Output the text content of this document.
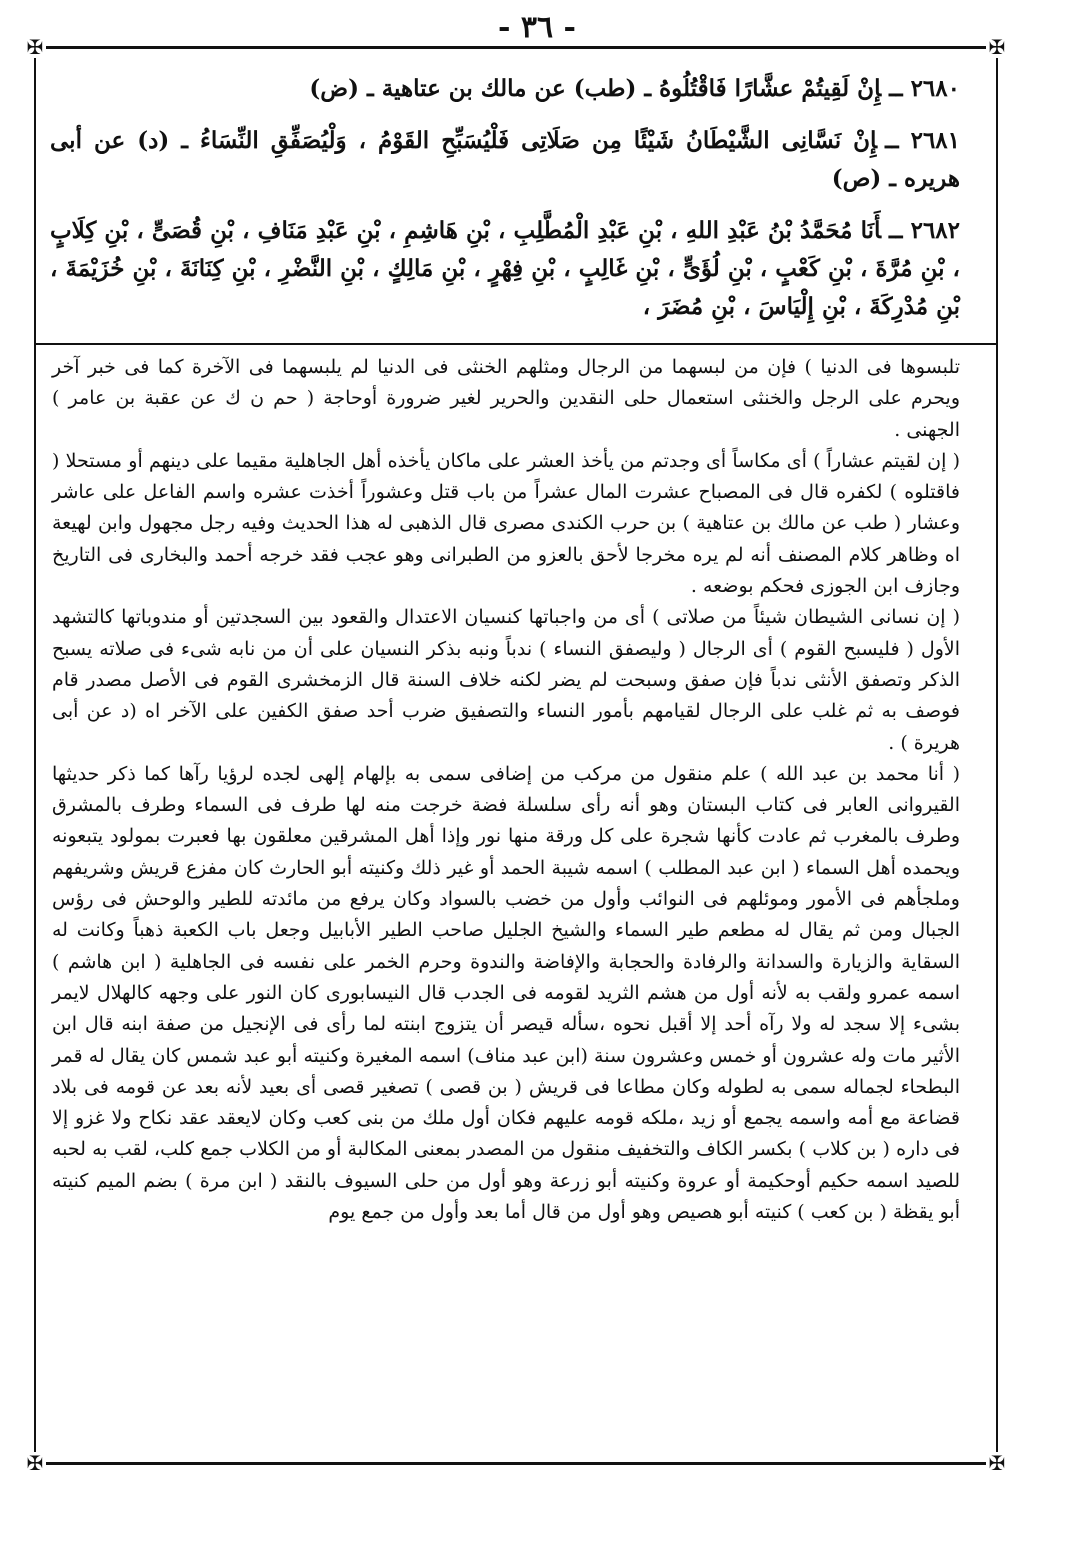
- ٣٦ -
✠	✠
✠	✠

٢٦٨٠ ــإِنْ لَقِيتُمْ عشَّارًا فَاقْتُلُوهُ ـ (طب) عن مالك بن عتاهية ـ (ض)

٢٦٨١ ــإِنْ نَسَّانِى الشَّيْطَانُ شَيْئًا مِن صَلَاتِى فَلْيُسَبِّحِ القَوْمُ ، وَلْيُصَفِّقِ النِّسَاءُ ـ (د) عن أبى هريره ـ (ص)

٢٦٨٢ ــأَنَا مُحَمَّدُ بْنُ عَبْدِ اللهِ ، بْنِ عَبْدِ الْمُطَّلِبِ ، بْنِ هَاشِمِ ، بْنِ عَبْدِ مَنَافِ ، بْنِ قُصَىٍّ ، بْنِ كِلَابٍ ، بْنِ مُرَّةَ ، بْنِ كَعْبٍ ، بْنِ لُؤَىٍّ ، بْنِ غَالِبٍ ، بْنِ فِهْرٍ ، بْنِ مَالِكٍ ، بْنِ النَّضْرِ ، بْنِ كِنَانَةَ ، بْنِ خُزَيْمَةَ ، بْنِ مُدْرِكَةَ ، بْنِ إِلْيَاسَ ، بْنِ مُضَرَ ،

تلبسوها فى الدنيا ) فإن من لبسهما من الرجال ومثلهم الخنثى فى الدنيا لم يلبسهما فى الآخرة كما فى خبر آخر ويحرم على الرجل والخنثى استعمال حلى النقدين والحرير لغير ضرورة أوحاجة ( حم ن ك عن عقبة بن عامر ) الجهنى .

( إن لقيتم عشاراً ) أى مكاساً أى وجدتم من يأخذ العشر على ماكان يأخذه أهل الجاهلية مقيما على دينهم أو مستحلا ( فاقتلوه ) لكفره قال فى المصباح عشرت المال عشراً من باب قتل وعشوراً أخذت عشره واسم الفاعل على عاشر وعشار ( طب عن مالك بن عتاهية ) بن حرب الكندى مصرى قال الذهبى له هذا الحديث وفيه رجل مجهول وابن لهيعة اه وظاهر كلام المصنف أنه لم يره مخرجا لأحق بالعزو من الطبرانى وهو عجب فقد خرجه أحمد والبخارى فى التاريخ وجازف ابن الجوزى فحكم بوضعه .

( إن نسانى الشيطان شيئاً من صلاتى ) أى من واجباتها كنسيان الاعتدال والقعود بين السجدتين أو مندوباتها كالتشهد الأول ( فليسبح القوم ) أى الرجال ( وليصفق النساء ) ندباً ونبه بذكر النسيان على أن من نابه شىء فى صلاته يسبح الذكر وتصفق الأنثى ندباً فإن صفق وسبحت لم يضر لكنه خلاف السنة قال الزمخشرى القوم فى الأصل مصدر قام فوصف به ثم غلب على الرجال لقيامهم بأمور النساء والتصفيق ضرب أحد صفق الكفين على الآخر اه (د عن أبى هريرة ) .

( أنا محمد بن عبد الله ) علم منقول من مركب من إضافى سمى به بإلهام إلهى لجده لرؤيا رآها كما ذكر حديثها القيروانى العابر فى كتاب البستان وهو أنه رأى سلسلة فضة خرجت منه لها طرف فى السماء وطرف بالمشرق وطرف بالمغرب ثم عادت كأنها شجرة على كل ورقة منها نور وإذا أهل المشرقين معلقون بها فعبرت بمولود يتبعونه ويحمده أهل السماء ( ابن عبد المطلب ) اسمه شيبة الحمد أو غير ذلك وكنيته أبو الحارث كان مفزع قريش وشريفهم وملجأهم فى الأمور وموئلهم فى النوائب وأول من خضب بالسواد وكان يرفع من مائدته للطير والوحش فى رؤس الجبال ومن ثم يقال له مطعم طير السماء والشيخ الجليل صاحب الطير الأبابيل وجعل باب الكعبة ذهباً وكانت له السقاية والزيارة والسدانة والرفادة والحجابة والإفاضة والندوة وحرم الخمر على نفسه فى الجاهلية ( ابن هاشم ) اسمه عمرو ولقب به لأنه أول من هشم الثريد لقومه فى الجدب قال النيسابورى كان النور على وجهه كالهلال لايمر بشىء إلا سجد له ولا رآه أحد إلا أقبل نحوه ،سأله قيصر أن يتزوج ابنته لما رأى فى الإنجيل من صفة ابنه قال ابن الأثير مات وله عشرون أو خمس وعشرون سنة (ابن عبد مناف) اسمه المغيرة وكنيته أبو عبد شمس كان يقال له قمر البطحاء لجماله سمى به لطوله وكان مطاعا فى قريش ( بن قصى ) تصغير قصى أى بعيد لأنه بعد عن قومه فى بلاد قضاعة مع أمه واسمه يجمع أو زيد ،ملكه قومه عليهم فكان أول ملك من بنى كعب وكان لايعقد عقد نكاح ولا غزو إلا فى داره ( بن كلاب ) بكسر الكاف والتخفيف منقول من المصدر بمعنى المكالبة أو من الكلاب جمع كلب، لقب به لحبه للصيد اسمه حكيم أوحكيمة أو عروة وكنيته أبو زرعة وهو أول من حلى السيوف بالنقد ( ابن مرة ) بضم الميم كنيته أبو يقظة ( بن كعب ) كنيته أبو هصيص وهو أول من قال أما بعد وأول من جمع يوم
